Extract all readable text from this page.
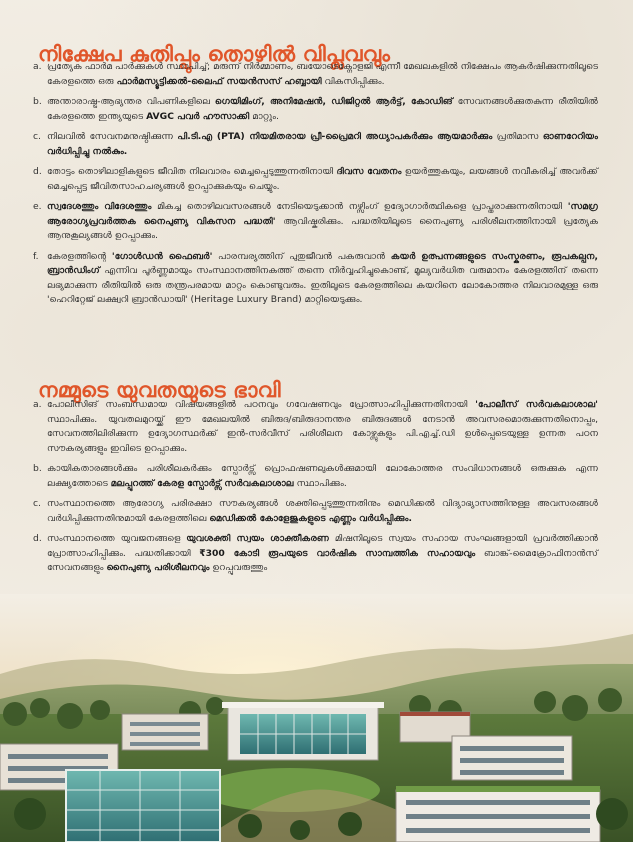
നിക്ഷേപ കുതിപ്പും തൊഴിൽ വിപ്ലവവും
a. പ്രത്യേക ഫാർമ പാർക്കുകൾ സ്ഥാപിച്ച്; മരുന്ന് നിർമ്മാണം, ബയോടെക്നോളജി എന്നീ മേഖലകളിൽ നിക്ഷേപം ആകർഷിക്കുന്നതിലൂടെ കേരളത്തെ ഒരു ഫാർമസ്യൂട്ടിക്കൽ-ലൈഫ് സയൻസസ് ഹബ്ബായി വികസിപ്പിക്കും.
b. അന്താരാഷ്ട്ര-ആഭ്യന്തര വിപണികളിലെ ഗെയിമിംഗ്, അനിമേഷൻ, ഡിജിറ്റൽ ആർട്ട്, കോഡിങ് സേവനങ്ങൾക്കുതകുന്ന രീതിയിൽ കേരളത്തെ ഇന്ത്യയുടെ AVGC പവർ ഹൗസാക്കി മാറ്റും.
c. നിലവിൽ സേവനമനുഷ്ഠിക്കുന്ന പി.ടി.എ (PTA) നിയമിതരായ പ്രീ-പ്രൈമറി അധ്യാപകർക്കും ആയമാർക്കും പ്രതിമാസ ഓണറേറിയം വർധിപ്പിച്ചു നൽകും.
d. തോട്ടം തൊഴിലാളികളുടെ ജീവിത നിലവാരം മെച്ചപ്പെടുത്തുന്നതിനായി ദിവസ വേതനം ഉയർത്തുകയും, ലയങ്ങൾ നവീകരിച്ച് അവർക്ക് മെച്ചപ്പെട്ട ജീവിതസാഹചര്യങ്ങൾ ഉറപ്പാക്കുകയും ചെയ്യും.
e. സ്വദേശത്തും വിദേശത്തും മികച്ച തൊഴിലവസരങ്ങൾ നേടിയെടുക്കാൻ നഴ്സിംഗ് ഉദ്യോഗാർത്ഥികളെ പ്രാപ്തരാക്കുന്നതിനായി 'സമഗ്ര ആരോഗ്യപ്രവർത്തക നൈപുണ്യ വികസന പദ്ധതി' ആവിഷ്കരിക്കും. പദ്ധതിയിലൂടെ നൈപുണ്യ പരിശീലനത്തിനായി പ്രത്യേക ആനുകൂല്യങ്ങൾ ഉറപ്പാക്കും.
f. കേരളത്തിന്റെ 'ഗോൾഡൻ ഫൈബർ' പാരമ്പര്യത്തിന് പുതുജീവൻ പകരുവാൻ കയർ ഉത്പന്നങ്ങളുടെ സംസ്കരണം, രൂപകല്പന, ബ്രാൻഡിംഗ് എന്നിവ പൂർണ്ണമായും സംസ്ഥാനത്തിനകത്ത് തന്നെ നിർവ്വഹിച്ചുകൊണ്ട്, മൂല്യവർധിത വരുമാനം കേരളത്തിന് തന്നെ ലഭ്യമാക്കുന്ന രീതിയിൽ ഒരു തന്ത്രപരമായ മാറ്റം കൊണ്ടുവരും. ഇതിലൂടെ കേരളത്തിലെ കയറിനെ ലോകോത്തര നിലവാരമുള്ള ഒരു 'ഹെറിറ്റേജ് ലക്ഷ്വറി ബ്രാൻഡായി' (Heritage Luxury Brand) മാറ്റിയെടുക്കും.
നമ്മുടെ യുവതയുടെ ഭാവി
a. പോലീസിങ് സംബന്ധമായ വിഷയങ്ങളിൽ പഠനവും ഗവേഷണവും പ്രോത്സാഹിപ്പിക്കുന്നതിനായി 'പോലീസ് സർവകലാശാല' സ്ഥാപിക്കും. യുവതലമുറയ്ക്ക് ഈ മേഖലയിൽ ബിരുദ/ബിരുദാനന്തര ബിരുദങ്ങൾ നേടാൻ അവസരമൊരുക്കുന്നതിനൊപ്പം, സേവനത്തിലിരിക്കുന്ന ഉദ്യോഗസ്ഥർക്ക് ഇൻ-സർവീസ് പരിശീലന കോഴ്സുകളും പി.എച്ച്.ഡി ഉൾപ്പെടെയുള്ള ഉന്നത പഠന സൗകര്യങ്ങളും ഇവിടെ ഉറപ്പാക്കും.
b. കായികതാരങ്ങൾക്കും പരിശീലകർക്കും സ്പോർട്സ് പ്രൊഫഷണലുകൾക്കുമായി ലോകോത്തര സംവിധാനങ്ങൾ ഒരുക്കുക എന്ന ലക്ഷ്യത്തോടെ മലപ്പുറത്ത് കേരള സ്പോർട്സ് സർവകലാശാല സ്ഥാപിക്കും.
c. സംസ്ഥാനത്തെ ആരോഗ്യ പരിരക്ഷാ സൗകര്യങ്ങൾ ശക്തിപ്പെടുത്തുന്നതിനും മെഡിക്കൽ വിദ്യാഭ്യാസത്തിനുള്ള അവസരങ്ങൾ വർധിപ്പിക്കുന്നതിനുമായി കേരളത്തിലെ മെഡിക്കൽ കോളേജുകളുടെ എണ്ണം വർധിപ്പിക്കും.
d. സംസ്ഥാനത്തെ യുവജനങ്ങളെ യുവശക്തി സ്വയം ശാക്തീകരണ മിഷനിലൂടെ സ്വയം സഹായ സംഘങ്ങളായി പ്രവർത്തിക്കാൻ പ്രോത്സാഹിപ്പിക്കും. പദ്ധതിക്കായി ₹300 കോടി രൂപയുടെ വാർഷിക സാമ്പത്തിക സഹായവും ബാങ്ക്-മൈക്രോഫിനാൻസ് സേവനങ്ങളും നൈപുണ്യ പരിശീലനവും ഉറപ്പുവരുത്തും
